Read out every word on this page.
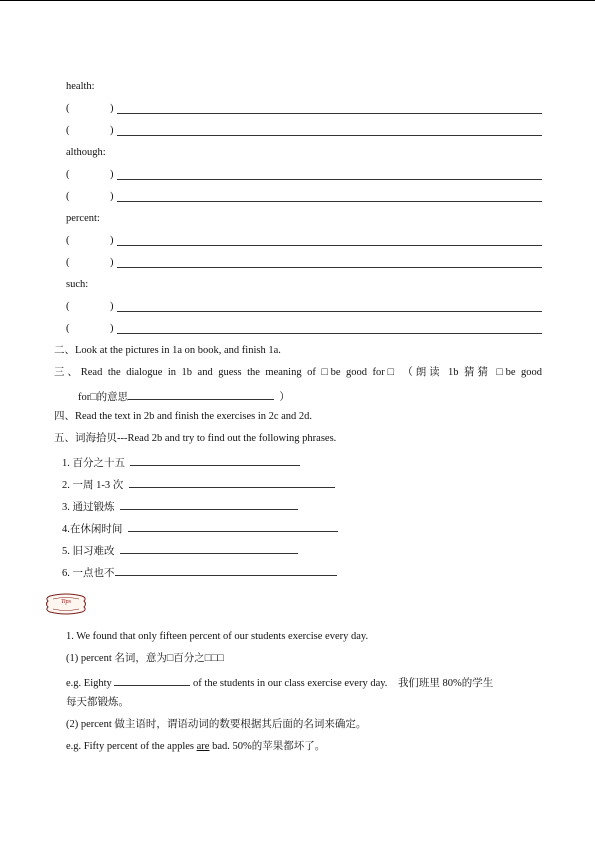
health:
(	)
(	)
although:
(	)
(	)
percent:
(	)
(	)
such:
(	)
(	)
二、Look at the pictures in 1a on book, and finish 1a.
三、Read the dialogue in 1b and guess the meaning of □be good for□ （朗读 1b 猜猜 □be good
for□的意思	）
四、Read the text in 2b and finish the exercises in 2c and 2d.
五、词海拾贝---Read 2b and try to find out the following phrases.
1. 百分之十五
2. 一周 1-3 次
3. 通过锻炼
4.在休闲时间
5. 旧习难改
6. 一点也不
Tips
1. We found that only fifteen percent of our students exercise every day.
(1) percent 名词，意为□百分之□□□
e.g. Eighty	of the students in our class exercise every day. 我们班里 80%的学生
每天都锻炼。
(2) percent 做主语时，谓语动词的数要根据其后面的名词来确定。
e.g. Fifty percent of the apples are bad. 50%的苹果都坏了。
